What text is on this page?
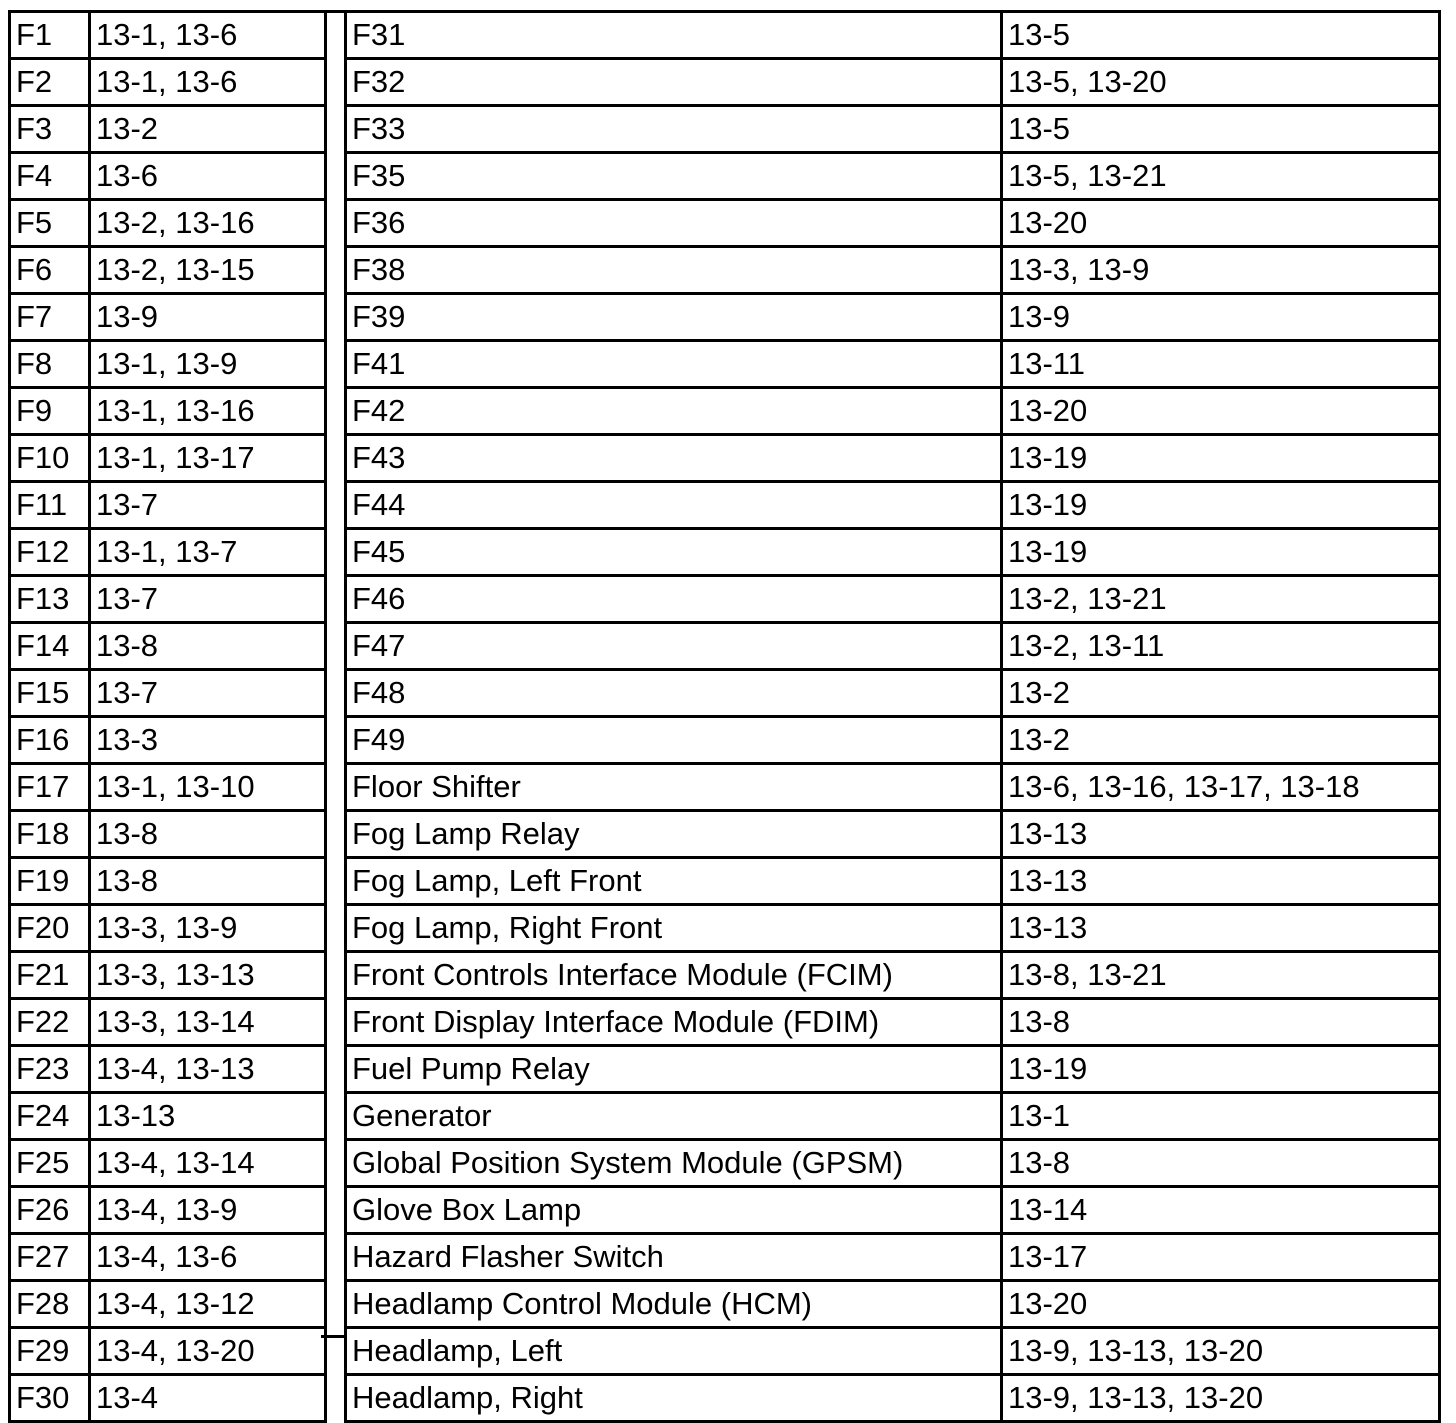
F1	13-1, 13-6
F2	13-1, 13-6
F3	13-2
F4	13-6
F5	13-2, 13-16
F6	13-2, 13-15
F7	13-9
F8	13-1, 13-9
F9	13-1, 13-16
F10	13-1, 13-17
F11	13-7
F12	13-1, 13-7
F13	13-7
F14	13-8
F15	13-7
F16	13-3
F17	13-1, 13-10
F18	13-8
F19	13-8
F20	13-3, 13-9
F21	13-3, 13-13
F22	13-3, 13-14
F23	13-4, 13-13
F24	13-13
F25	13-4, 13-14
F26	13-4, 13-9
F27	13-4, 13-6
F28	13-4, 13-12
F29	13-4, 13-20
F30	13-4
F31	13-5
F32	13-5, 13-20
F33	13-5
F35	13-5, 13-21
F36	13-20
F38	13-3, 13-9
F39	13-9
F41	13-11
F42	13-20
F43	13-19
F44	13-19
F45	13-19
F46	13-2, 13-21
F47	13-2, 13-11
F48	13-2
F49	13-2
Floor Shifter	13-6, 13-16, 13-17, 13-18
Fog Lamp Relay	13-13
Fog Lamp, Left Front	13-13
Fog Lamp, Right Front	13-13
Front Controls Interface Module (FCIM)	13-8, 13-21
Front Display Interface Module (FDIM)	13-8
Fuel Pump Relay	13-19
Generator	13-1
Global Position System Module (GPSM)	13-8
Glove Box Lamp	13-14
Hazard Flasher Switch	13-17
Headlamp Control Module (HCM)	13-20
Headlamp, Left	13-9, 13-13, 13-20
Headlamp, Right	13-9, 13-13, 13-20
